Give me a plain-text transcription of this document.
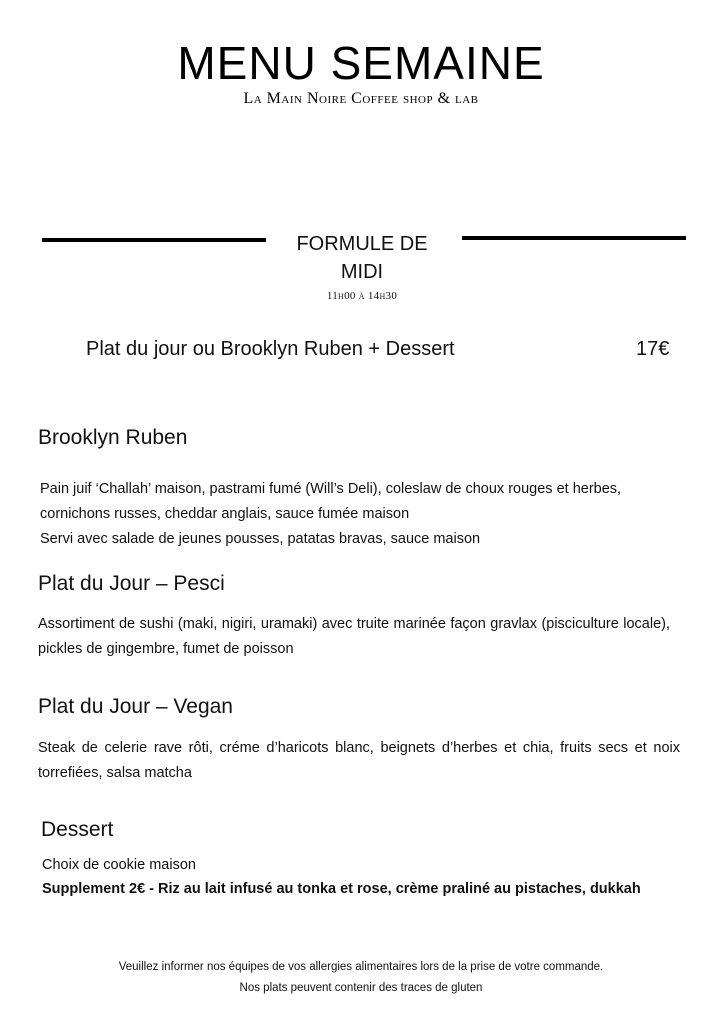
MENU SEMAINE
La Main Noire Coffee shop & lab
FORMULE DE
MIDI
11h00 à 14h30
Plat du jour ou Brooklyn Ruben + Dessert	17€
Brooklyn Ruben
Pain juif ‘Challah’ maison, pastrami fumé (Will’s Deli), coleslaw de choux rouges et herbes,
cornichons russes, cheddar anglais, sauce fumée maison
Servi avec salade de jeunes pousses, patatas bravas, sauce maison
Plat du Jour – Pesci
Assortiment de sushi (maki, nigiri, uramaki) avec truite marinée façon gravlax (pisciculture locale), pickles de gingembre, fumet de poisson
Plat du Jour – Vegan
Steak de celerie rave rôti, créme d’haricots blanc, beignets d’herbes et chia, fruits secs et noix torrefiées, salsa matcha
Dessert
Choix de cookie maison
Supplement 2€ - Riz au lait infusé au tonka et rose, crème praliné au pistaches, dukkah
Veuillez informer nos équipes de vos allergies alimentaires lors de la prise de votre commande.
Nos plats peuvent contenir des traces de gluten
